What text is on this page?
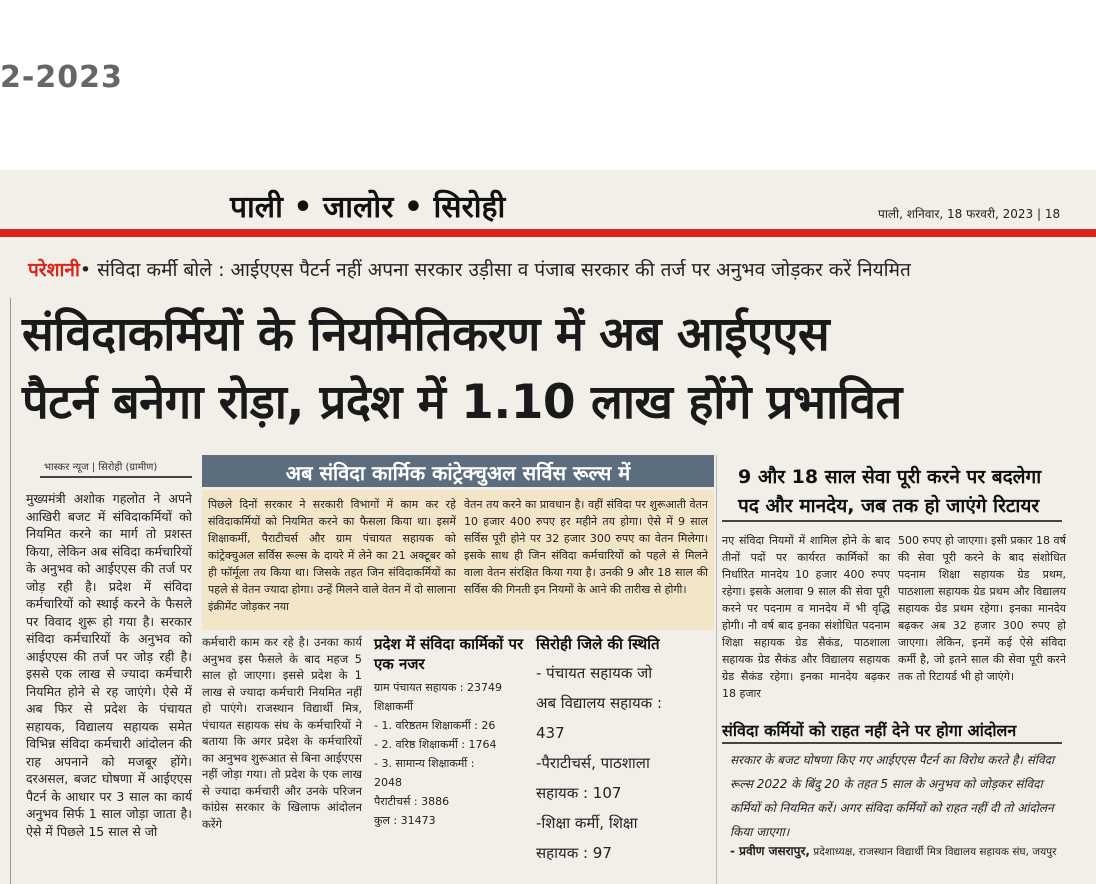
2-2023
पाली • जालोर • सिरोही	पाली, शनिवार, 18 फरवरी, 2023 | 18
परेशानी• संविदा कर्मी बोले : आईएएस पैटर्न नहीं अपना सरकार उड़ीसा व पंजाब सरकार की तर्ज पर अनुभव जोड़कर करें नियमित
संविदाकर्मियों के नियमितिकरण में अब आईएएस
पैटर्न बनेगा रोड़ा, प्रदेश में 1.10 लाख होंगे प्रभावित
भास्कर न्यूज | सिरोही (ग्रामीण)
मुख्यमंत्री अशोक गहलोत ने अपने आखिरी बजट में संविदाकर्मियों को नियमित करने का मार्ग तो प्रशस्त किया, लेकिन अब संविदा कर्मचारियों के अनुभव को आईएएस की तर्ज पर जोड़ रही है। प्रदेश में संविदा कर्मचारियों को स्थाई करने के फैसले पर विवाद शुरू हो गया है। सरकार संविदा कर्मचारियों के अनुभव को आईएएस की तर्ज पर जोड़ रही है। इससे एक लाख से ज्यादा कर्मचारी नियमित होने से रह जाएंगे। ऐसे में अब फिर से प्रदेश के पंचायत सहायक, विद्यालय सहायक समेत विभिन्न संविदा कर्मचारी आंदोलन की राह अपनाने को मजबूर होंगे। दरअसल, बजट घोषणा में आईएएस पैटर्न के आधार पर 3 साल का कार्य अनुभव सिर्फ 1 साल जोड़ा जाता है। ऐसे में पिछले 15 साल से जो
अब संविदा कार्मिक कांट्रेक्चुअल सर्विस रूल्स में
पिछले दिनों सरकार ने सरकारी विभागों में काम कर रहे संविदाकर्मियों को नियमित करने का फैसला किया था। इसमें शिक्षाकर्मी, पैराटीचर्स और ग्राम पंचायत सहायक को कांट्रेक्चुअल सर्विस रूल्स के दायरे में लेने का 21 अक्टूबर को ही फॉर्मूला तय किया था। जिसके तहत जिन संविदाकर्मियों का पहले से वेतन ज्यादा होगा। उन्हें मिलने वाले वेतन में दो सालाना इंक्रीमेंट जोड़कर नया
वेतन तय करने का प्रावधान है। वहीं संविदा पर शुरूआती वेतन 10 हजार 400 रुपए हर महीने तय होगा। ऐसे में 9 साल सर्विस पूरी होने पर 32 हजार 300 रुपए का वेतन मिलेगा। इसके साथ ही जिन संविदा कर्मचारियों को पहले से मिलने वाला वेतन संरक्षित किया गया है। उनकी 9 और 18 साल की सर्विस की गिनती इन नियमों के आने की तारीख से होगी।
कर्मचारी काम कर रहे है। उनका कार्य अनुभव इस फैसले के बाद महज 5 साल हो जाएगा। इससे प्रदेश के 1 लाख से ज्यादा कर्मचारी नियमित नहीं हो पाएंगे। राजस्थान विद्यार्थी मित्र, पंचायत सहायक संघ के कर्मचारियों ने बताया कि अगर प्रदेश के कर्मचारियों का अनुभव शुरूआत से बिना आईएएस नहीं जोड़ा गया। तो प्रदेश के एक लाख से ज्यादा कर्मचारी और उनके परिजन कांग्रेस सरकार के खिलाफ आंदोलन करेंगे
प्रदेश में संविदा कार्मिकों पर एक नजर
ग्राम पंचायत सहायक : 23749
शिक्षाकर्मी
- 1. वरिष्ठतम शिक्षाकर्मी : 26
- 2. वरिष्ठ शिक्षाकर्मी : 1764
- 3. सामान्य शिक्षाकर्मी :
2048
पैराटीचर्स : 3886
कुल : 31473
सिरोही जिले की स्थिति
- पंचायत सहायक जो
अब विद्यालय सहायक :
437
-पैराटीचर्स, पाठशाला
सहायक : 107
-शिक्षा कर्मी, शिक्षा
सहायक : 97
9 और 18 साल सेवा पूरी करने पर बदलेगा
पद और मानदेय, जब तक हो जाएंगे रिटायर
नए संविदा नियमों में शामिल होने के बाद तीनों पदों पर कार्यरत कार्मिकों का निर्धारित मानदेय 10 हजार 400 रुपए रहेगा। इसके अलावा 9 साल की सेवा पूरी करने पर पदनाम व मानदेय में भी वृद्धि होगी। नौ वर्ष बाद इनका संशोधित पदनाम शिक्षा सहायक ग्रेड सैकंड, पाठशाला सहायक ग्रेड सैकंड और विद्यालय सहायक ग्रेड सैकंड रहेगा। इनका मानदेय बढ़कर 18 हजार
500 रुपए हो जाएगा। इसी प्रकार 18 वर्ष की सेवा पूरी करने के बाद संशोधित पदनाम शिक्षा सहायक ग्रेड प्रथम, पाठशाला सहायक ग्रेड प्रथम और विद्यालय सहायक ग्रेड प्रथम रहेगा। इनका मानदेय बढ़कर अब 32 हजार 300 रुपए हो जाएगा। लेकिन, इनमें कई ऐसे संविदा कर्मी है, जो इतने साल की सेवा पूरी करने तक तो रिटायर्ड भी हो जाएंगे।
संविदा कर्मियों को राहत नहीं देने पर होगा आंदोलन
सरकार के बजट घोषणा किए गए आईएएस पैटर्न का विरोध करते है। संविदा रूल्स 2022 के बिंदु 20 के तहत 5 साल के अनुभव को जोड़कर संविदा कर्मियों को नियमित करें। अगर संविदा कर्मियों को राहत नहीं दी तो आंदोलन किया जाएगा।
- प्रवीण जसरापुर, प्रदेशाध्यक्ष, राजस्थान विद्यार्थी मित्र विद्यालय सहायक संघ, जयपुर
